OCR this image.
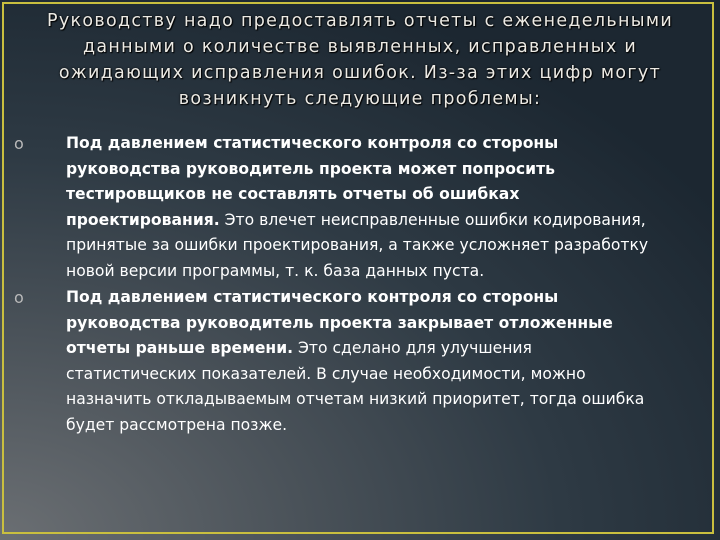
Руководству надо предоставлять отчеты с еженедельными данными о количестве выявленных, исправленных и ожидающих исправления ошибок. Из-за этих цифр могут возникнуть следующие проблемы:
o	Под давлением статистического контроля со стороны руководства руководитель проекта может попросить тестировщиков не составлять отчеты об ошибках проектирования. Это влечет неисправленные ошибки кодирования, принятые за ошибки проектирования, а также усложняет разработку новой версии программы, т. к. база данных пуста.
o	Под давлением статистического контроля со стороны руководства руководитель проекта закрывает отложенные отчеты раньше времени. Это сделано для улучшения статистических показателей. В случае необходимости, можно назначить откладываемым отчетам низкий приоритет, тогда ошибка будет рассмотрена позже.
